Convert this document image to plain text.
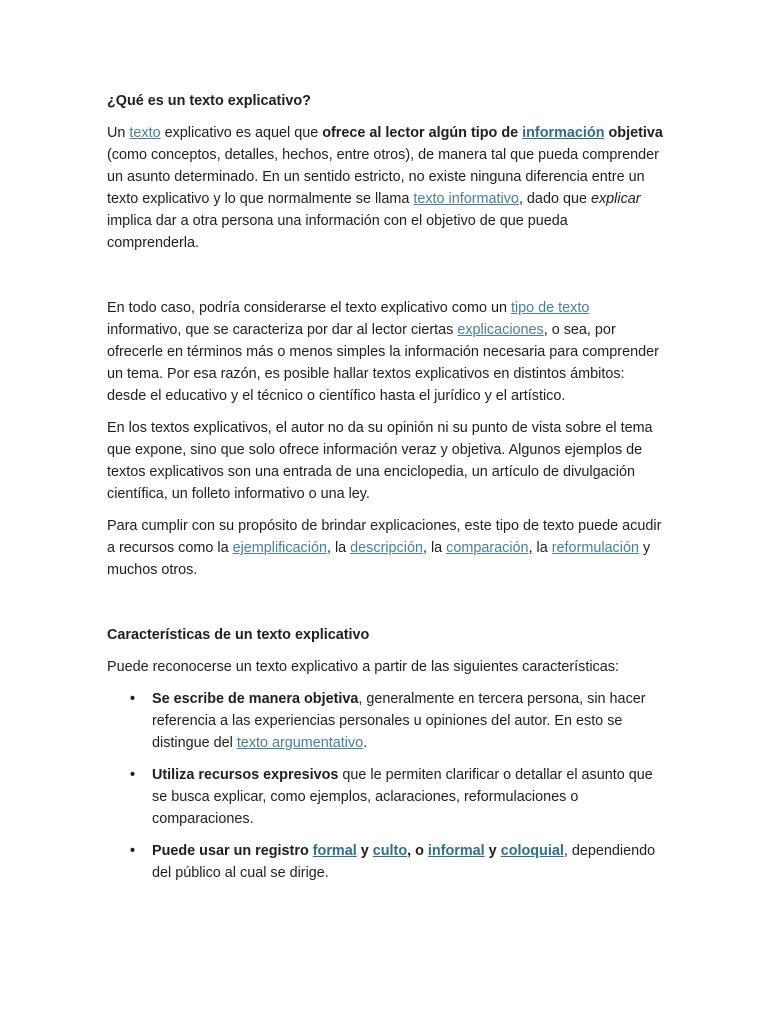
¿Qué es un texto explicativo?

Un texto explicativo es aquel que ofrece al lector algún tipo de información objetiva (como conceptos, detalles, hechos, entre otros), de manera tal que pueda comprender un asunto determinado. En un sentido estricto, no existe ninguna diferencia entre un texto explicativo y lo que normalmente se llama texto informativo, dado que explicar implica dar a otra persona una información con el objetivo de que pueda comprenderla.

En todo caso, podría considerarse el texto explicativo como un tipo de texto informativo, que se caracteriza por dar al lector ciertas explicaciones, o sea, por ofrecerle en términos más o menos simples la información necesaria para comprender un tema. Por esa razón, es posible hallar textos explicativos en distintos ámbitos: desde el educativo y el técnico o científico hasta el jurídico y el artístico.

En los textos explicativos, el autor no da su opinión ni su punto de vista sobre el tema que expone, sino que solo ofrece información veraz y objetiva. Algunos ejemplos de textos explicativos son una entrada de una enciclopedia, un artículo de divulgación científica, un folleto informativo o una ley.

Para cumplir con su propósito de brindar explicaciones, este tipo de texto puede acudir a recursos como la ejemplificación, la descripción, la comparación, la reformulación y muchos otros.

Características de un texto explicativo

Puede reconocerse un texto explicativo a partir de las siguientes características:

• Se escribe de manera objetiva, generalmente en tercera persona, sin hacer referencia a las experiencias personales u opiniones del autor. En esto se distingue del texto argumentativo.
• Utiliza recursos expresivos que le permiten clarificar o detallar el asunto que se busca explicar, como ejemplos, aclaraciones, reformulaciones o comparaciones.
• Puede usar un registro formal y culto, o informal y coloquial, dependiendo del público al cual se dirige.
